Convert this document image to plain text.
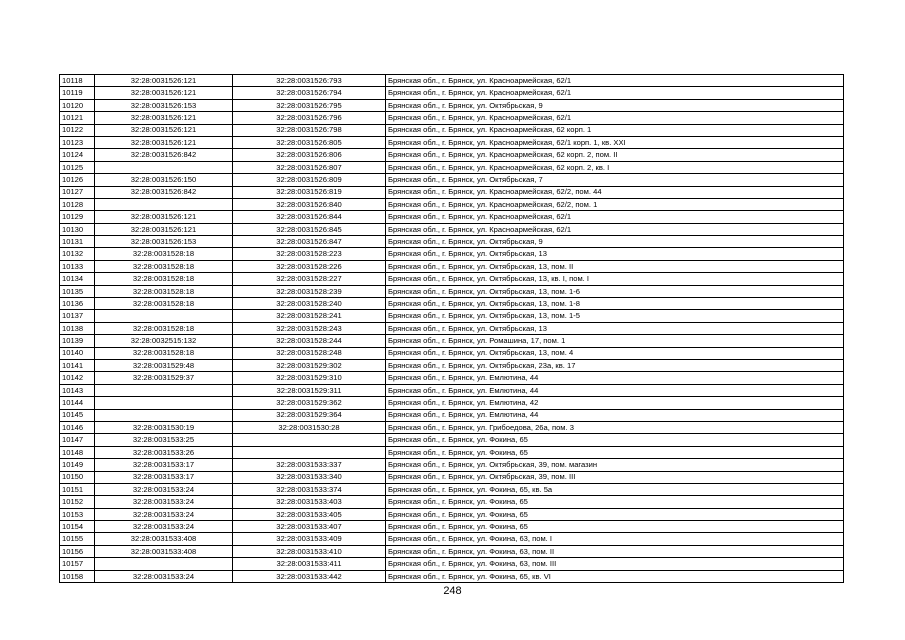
10118	32:28:0031526:121	32:28:0031526:793	Брянская обл., г. Брянск, ул. Красноармейская, 62/1
10119	32:28:0031526:121	32:28:0031526:794	Брянская обл., г. Брянск, ул. Красноармейская, 62/1
10120	32:28:0031526:153	32:28:0031526:795	Брянская обл., г. Брянск, ул. Октябрьская, 9
10121	32:28:0031526:121	32:28:0031526:796	Брянская обл., г. Брянск, ул. Красноармейская, 62/1
10122	32:28:0031526:121	32:28:0031526:798	Брянская обл., г. Брянск, ул. Красноармейская, 62 корп. 1
10123	32:28:0031526:121	32:28:0031526:805	Брянская обл., г. Брянск, ул. Красноармейская, 62/1 корп. 1, кв. XXI
10124	32:28:0031526:842	32:28:0031526:806	Брянская обл., г. Брянск, ул. Красноармейская, 62 корп. 2, пом. II
10125		32:28:0031526:807	Брянская обл., г. Брянск, ул. Красноармейская, 62 корп. 2, кв. I
10126	32:28:0031526:150	32:28:0031526:809	Брянская обл., г. Брянск, ул. Октябрьская, 7
10127	32:28:0031526:842	32:28:0031526:819	Брянская обл., г. Брянск, ул. Красноармейская, 62/2, пом. 44
10128		32:28:0031526:840	Брянская обл., г. Брянск, ул. Красноармейская, 62/2, пом. 1
10129	32:28:0031526:121	32:28:0031526:844	Брянская обл., г. Брянск, ул. Красноармейская, 62/1
10130	32:28:0031526:121	32:28:0031526:845	Брянская обл., г. Брянск, ул. Красноармейская, 62/1
10131	32:28:0031526:153	32:28:0031526:847	Брянская обл., г. Брянск, ул. Октябрьская, 9
10132	32:28:0031528:18	32:28:0031528:223	Брянская обл., г. Брянск, ул. Октябрьская, 13
10133	32:28:0031528:18	32:28:0031528:226	Брянская обл., г. Брянск, ул. Октябрьская, 13, пом. II
10134	32:28:0031528:18	32:28:0031528:227	Брянская обл., г. Брянск, ул. Октябрьская, 13, кв. I, пом. I
10135	32:28:0031528:18	32:28:0031528:239	Брянская обл., г. Брянск, ул. Октябрьская, 13, пом. 1-6
10136	32:28:0031528:18	32:28:0031528:240	Брянская обл., г. Брянск, ул. Октябрьская, 13, пом. 1-8
10137		32:28:0031528:241	Брянская обл., г. Брянск, ул. Октябрьская, 13, пом. 1-5
10138	32:28:0031528:18	32:28:0031528:243	Брянская обл., г. Брянск, ул. Октябрьская, 13
10139	32:28:0032515:132	32:28:0031528:244	Брянская обл., г. Брянск, ул. Ромашина, 17, пом. 1
10140	32:28:0031528:18	32:28:0031528:248	Брянская обл., г. Брянск, ул. Октябрьская, 13, пом. 4
10141	32:28:0031529:48	32:28:0031529:302	Брянская обл., г. Брянск, ул. Октябрьская, 23а, кв. 17
10142	32:28:0031529:37	32:28:0031529:310	Брянская обл., г. Брянск, ул. Емлютина, 44
10143		32:28:0031529:311	Брянская обл., г. Брянск, ул. Емлютина, 44
10144		32:28:0031529:362	Брянская обл., г. Брянск, ул. Емлютина, 42
10145		32:28:0031529:364	Брянская обл., г. Брянск, ул. Емлютина, 44
10146	32:28:0031530:19	32:28:0031530:28	Брянская обл., г. Брянск, ул. Грибоедова, 26а, пом. 3
10147	32:28:0031533:25		Брянская обл., г. Брянск, ул. Фокина, 65
10148	32:28:0031533:26		Брянская обл., г. Брянск, ул. Фокина, 65
10149	32:28:0031533:17	32:28:0031533:337	Брянская обл., г. Брянск, ул. Октябрьская, 39, пом. магазин
10150	32:28:0031533:17	32:28:0031533:340	Брянская обл., г. Брянск, ул. Октябрьская, 39, пом. III
10151	32:28:0031533:24	32:28:0031533:374	Брянская обл., г. Брянск, ул. Фокина, 65, кв. 5а
10152	32:28:0031533:24	32:28:0031533:403	Брянская обл., г. Брянск, ул. Фокина, 65
10153	32:28:0031533:24	32:28:0031533:405	Брянская обл., г. Брянск, ул. Фокина, 65
10154	32:28:0031533:24	32:28:0031533:407	Брянская обл., г. Брянск, ул. Фокина, 65
10155	32:28:0031533:408	32:28:0031533:409	Брянская обл., г. Брянск, ул. Фокина, 63, пом. I
10156	32:28:0031533:408	32:28:0031533:410	Брянская обл., г. Брянск, ул. Фокина, 63, пом. II
10157		32:28:0031533:411	Брянская обл., г. Брянск, ул. Фокина, 63, пом. III
10158	32:28:0031533:24	32:28:0031533:442	Брянская обл., г. Брянск, ул. Фокина, 65, кв. VI
248
